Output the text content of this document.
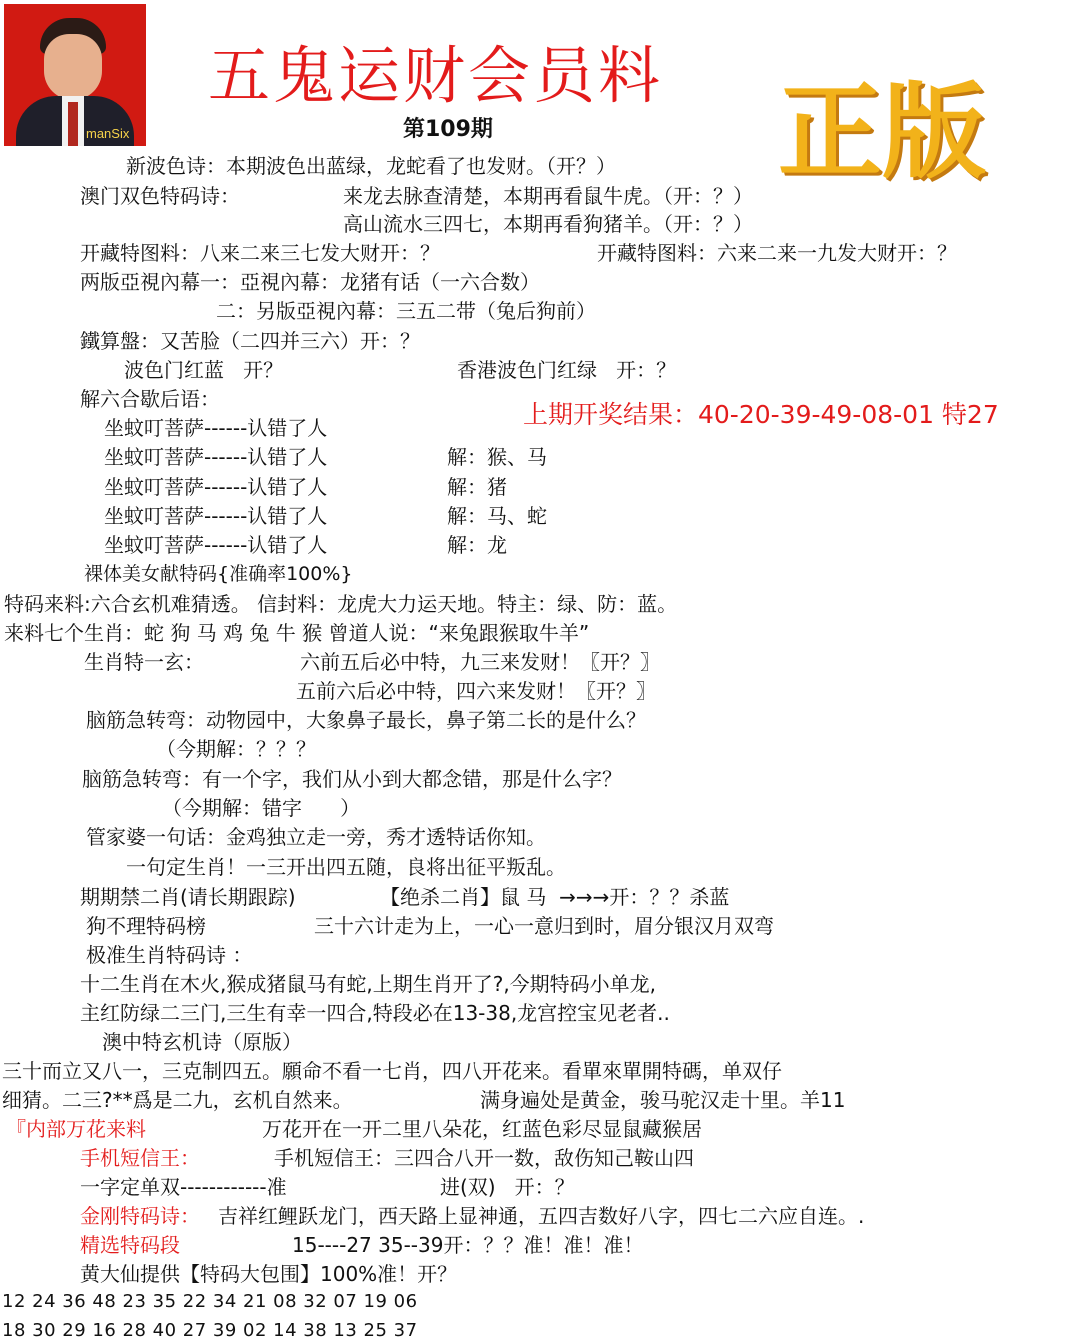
manSix
五鬼运财会员料
第109期	正版
新波色诗：本期波色出蓝绿，龙蛇看了也发财。（开？）
澳门双色特码诗：	来龙去脉查清楚，本期再看鼠牛虎。（开：？）
高山流水三四七，本期再看狗猪羊。（开：？）
开藏特图料：八来二来三七发大财开：？	开藏特图料：六来二来一九发大财开：？
两版亞視內幕一：亞視內幕：龙猪有话（一六合数）
二：另版亞視內幕：三五二带（兔后狗前）
鐵算盤：又苦脸（二四并三六）开：？
波色门红蓝   开？	香港波色门红绿   开：？
解六合歇后语：
上期开奖结果：40-20-39-49-08-01 特27
坐蚊叮菩萨------认错了人
坐蚊叮菩萨------认错了人	解：猴、马
坐蚊叮菩萨------认错了人	解：猪
坐蚊叮菩萨------认错了人	解：马、蛇
坐蚊叮菩萨------认错了人	解：龙
裸体美女献特码{准确率100%}
特码来料:六合玄机难猜透。 信封料：龙虎大力运天地。特主：绿、防：蓝。
来料七个生肖：蛇 狗 马 鸡 兔 牛 猴 曾道人说：“来兔跟猴取牛羊”
生肖特一玄：	六前五后必中特，九三来发财！〖开？〗
五前六后必中特，四六来发财！〖开？〗
脑筋急转弯：动物园中，大象鼻子最长，鼻子第二长的是什么？
（今期解：？？？
脑筋急转弯：有一个字，我们从小到大都念错，那是什么字？
（今期解：错字      ）
管家婆一句话：金鸡独立走一旁，秀才透特话你知。
一句定生肖！一三开出四五随，良将出征平叛乱。
期期禁二肖(请长期跟踪)	【绝杀二肖】鼠 马  →→→开：？？杀蓝
狗不理特码榜	三十六计走为上，一心一意归到时，眉分银汉月双弯
极准生肖特码诗 ：
十二生肖在木火,猴成猪鼠马有蛇,上期生肖开了?,今期特码小单龙,
主红防绿二三门,三生有幸一四合,特段必在13-38,龙宫控宝见老者..
澳中特玄机诗（原版）
三十而立又八一，三克制四五。願命不看一七肖，四八开花来。看單來單開特碼，单双仔
细猜。二三?**爲是二九，玄机自然来。	满身遍处是黄金，骏马驼汉走十里。羊11
『内部万花来料	万花开在一开二里八朵花，红蓝色彩尽显鼠藏猴居
手机短信王：	手机短信王：三四合八开一数，敌伤知己鞍山四
一字定单双------------准	进(双)   开：？
金刚特码诗： 吉祥红鲤跃龙门，西天路上显神通，五四吉数好八字，四七二六应自连。.
精选特码段	15----27 35--39开：？？准！准！准！
黄大仙提供【特码大包围】100%准！开？
12 24 36 48 23 35 22 34 21 08 32 07 19 06
18 30 29 16 28 40 27 39 02 14 38 13 25 37
